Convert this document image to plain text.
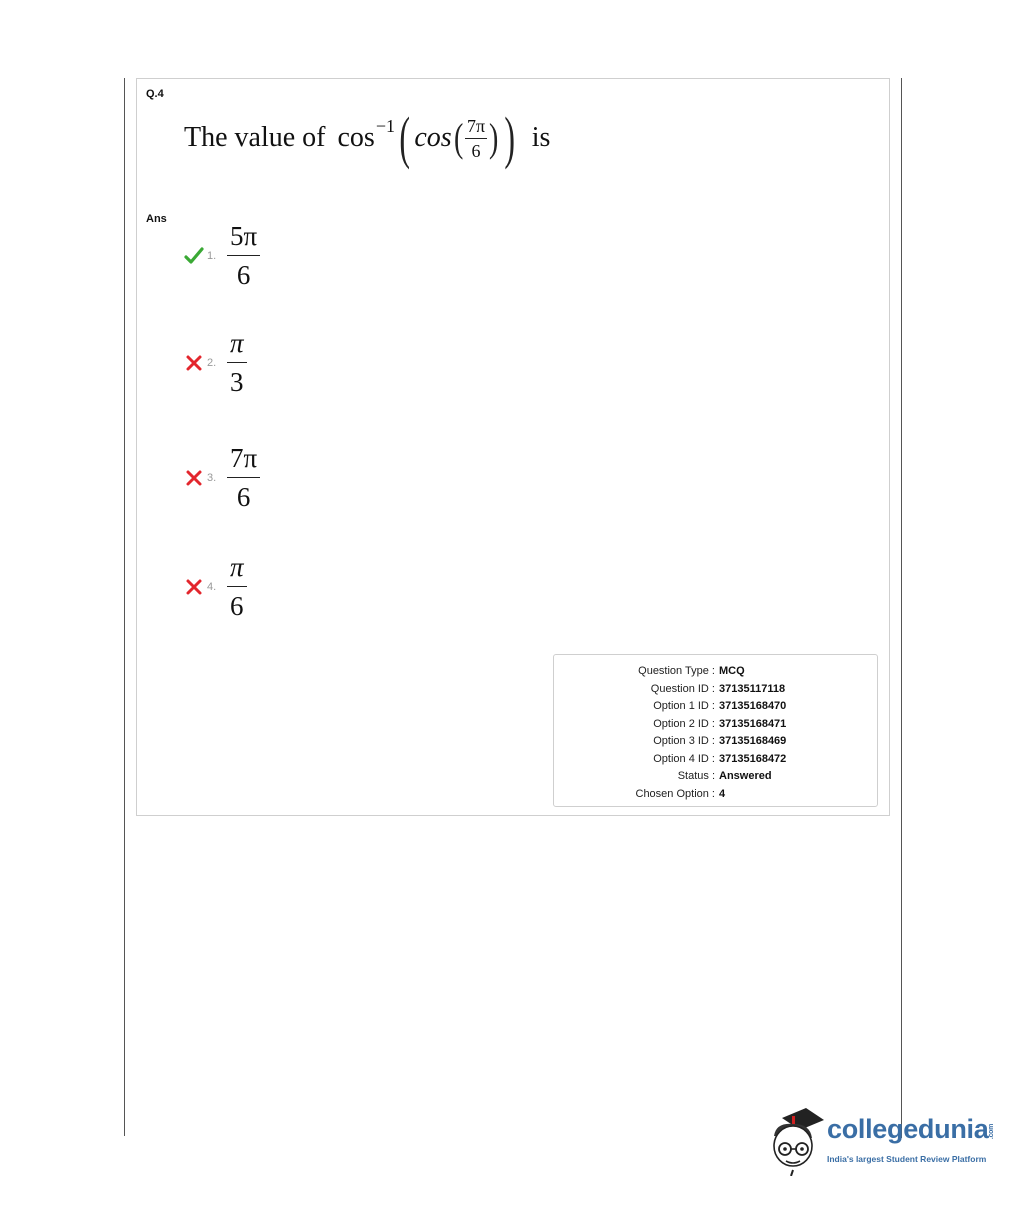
Q.4
The value of cos −1 ( cos ( $\frac{7\pi}{6}$ ) ) is
Ans
1. $\frac{5\pi}{6}$
2. $\frac{\pi}{3}$
3. $\frac{7\pi}{6}$
4. $\frac{\pi}{6}$
Question Type : MCQ
Question ID : 37135117118
Option 1 ID : 37135168470
Option 2 ID : 37135168471
Option 3 ID : 37135168469
Option 4 ID : 37135168472
Status : Answered
Chosen Option : 4
collegedunia .com
India's largest Student Review Platform
